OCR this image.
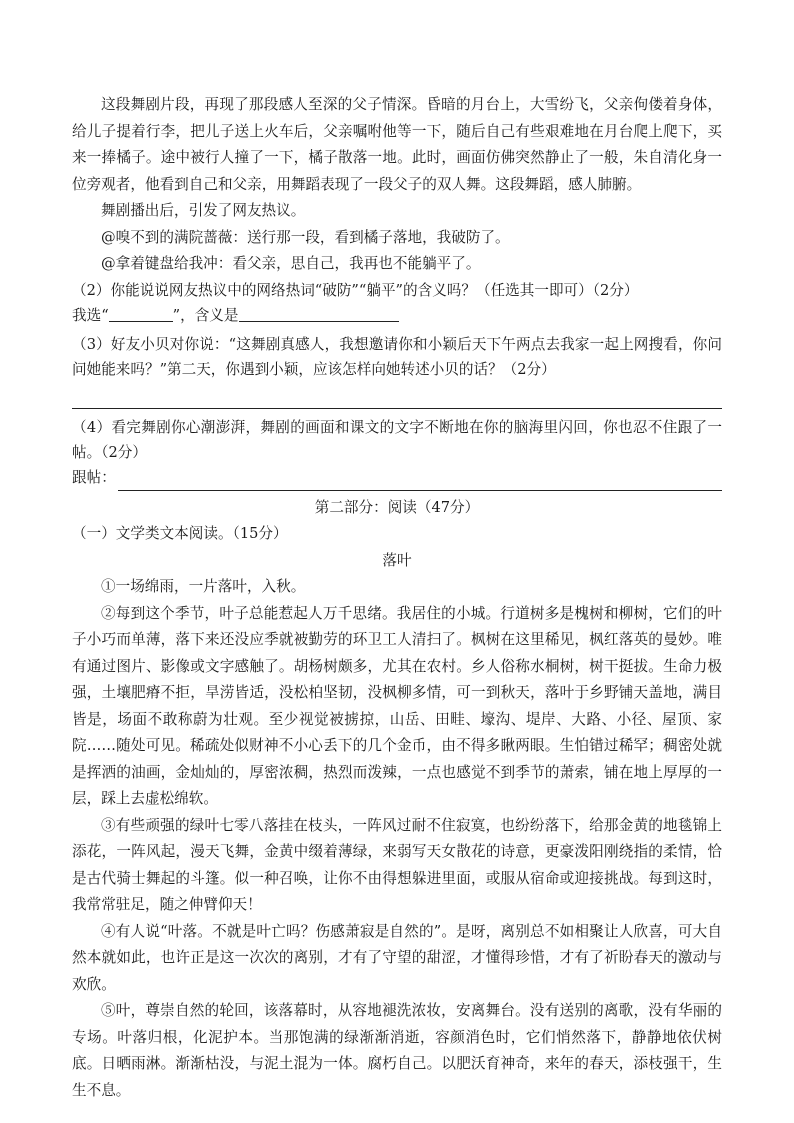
这段舞剧片段，再现了那段感人至深的父子情深。昏暗的月台上，大雪纷飞，父亲佝偻着身体，给儿子提着行李，把儿子送上火车后，父亲嘱咐他等一下，随后自己有些艰难地在月台爬上爬下，买来一捧橘子。途中被行人撞了一下，橘子散落一地。此时，画面仿佛突然静止了一般，朱自清化身一位旁观者，他看到自己和父亲，用舞蹈表现了一段父子的双人舞。这段舞蹈，感人肺腑。

舞剧播出后，引发了网友热议。

@嗅不到的满院蔷薇：送行那一段，看到橘子落地，我破防了。

@拿着键盘给我冲：看父亲，思自己，我再也不能躺平了。

（2）你能说说网友热议中的网络热词“破防”“躺平”的含义吗？（任选其一即可）（2分）

我选“	”，含义是

（3）好友小贝对你说：“这舞剧真感人，我想邀请你和小颖后天下午两点去我家一起上网搜看，你问问她能来吗？”第二天，你遇到小颖，应该怎样向她转述小贝的话？（2分）

（4）看完舞剧你心潮澎湃，舞剧的画面和课文的文字不断地在你的脑海里闪回，你也忍不住跟了一帖。（2分）

跟帖：

第二部分：阅读（47分）

（一）文学类文本阅读。（15分）

落叶

①一场绵雨，一片落叶，入秋。

②每到这个季节，叶子总能惹起人万千思绪。我居住的小城。行道树多是槐树和柳树，它们的叶子小巧而单薄，落下来还没应季就被勤劳的环卫工人清扫了。枫树在这里稀见，枫红落英的曼妙。唯有通过图片、影像或文字感触了。胡杨树颇多，尤其在农村。乡人俗称水桐树，树干挺拔。生命力极强，土壤肥瘠不拒，旱涝皆适，没松柏坚韧，没枫柳多情，可一到秋天，落叶于乡野铺天盖地，满目皆是，场面不敢称蔚为壮观。至少视觉被掳掠，山岳、田畦、壕沟、堤岸、大路、小径、屋顶、家院……随处可见。稀疏处似财神不小心丢下的几个金币，由不得多瞅两眼。生怕错过稀罕；稠密处就是挥洒的油画，金灿灿的，厚密浓稠，热烈而泼辣，一点也感觉不到季节的萧索，铺在地上厚厚的一层，踩上去虚松绵软。

③有些顽强的绿叶七零八落挂在枝头，一阵风过耐不住寂寞，也纷纷落下，给那金黄的地毯锦上添花，一阵风起，漫天飞舞，金黄中缀着薄绿，来弱写天女散花的诗意，更豪泼阳刚绕指的柔情，恰是古代骑士舞起的斗篷。似一种召唤，让你不由得想躲进里面，或服从宿命或迎接挑战。每到这时，我常常驻足，随之伸臂仰天！

④有人说“叶落。不就是叶亡吗？伤感萧寂是自然的”。是呀，离别总不如相聚让人欣喜，可大自然本就如此，也许正是这一次次的离别，才有了守望的甜涩，才懂得珍惜，才有了祈盼春天的激动与欢欣。

⑤叶，尊崇自然的轮回，该落幕时，从容地褪洗浓妆，安离舞台。没有送别的离歌，没有华丽的专场。叶落归根，化泥护本。当那饱满的绿渐渐消逝，容颜消色时，它们悄然落下，静静地依伏树底。日晒雨淋。渐渐枯没，与泥土混为一体。腐朽自己。以肥沃育神奇，来年的春天，添枝强干，生生不息。
